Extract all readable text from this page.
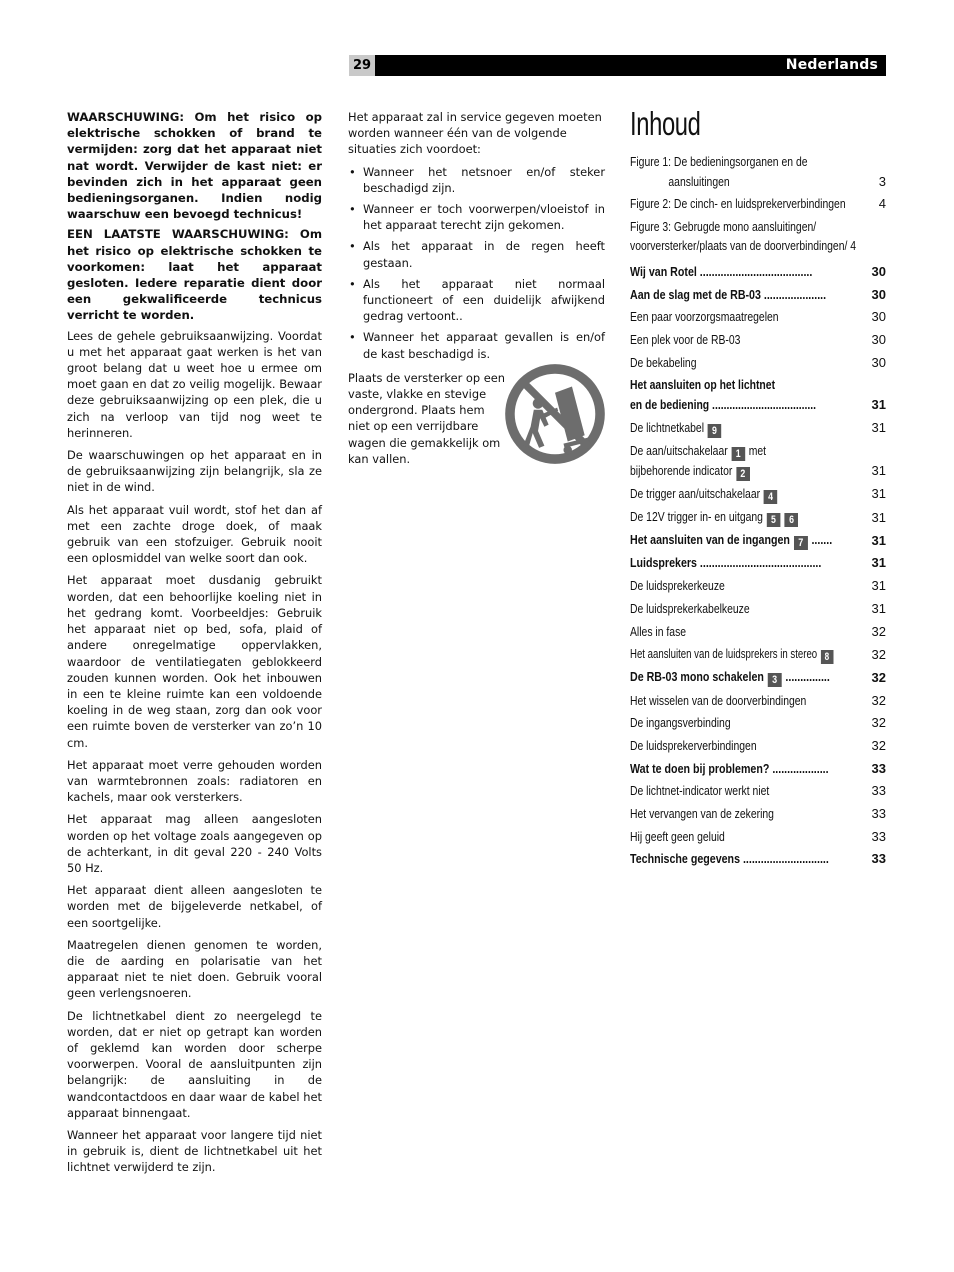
29	Nederlands

WAARSCHUWING: Om het risico op elektrische schokken of brand te vermijden: zorg dat het apparaat niet nat wordt. Verwijder de kast niet: er bevinden zich in het apparaat geen bedieningsorganen. Indien nodig waarschuw een bevoegd technicus!

EEN LAATSTE WAARSCHUWING: Om het risico op elektrische schokken te voorkomen: laat het apparaat gesloten. Iedere reparatie dient door een gekwalificeerde technicus verricht te worden.

Lees de gehele gebruiksaanwijzing. Voordat u met het apparaat gaat werken is het van groot belang dat u weet hoe u ermee om moet gaan en dat zo veilig mogelijk. Bewaar deze gebruiksaanwijzing op een plek, die u zich na verloop van tijd nog weet te herinneren.

De waarschuwingen op het apparaat en in de gebruiksaanwijzing zijn belangrijk, sla ze niet in de wind.

Als het apparaat vuil wordt, stof het dan af met een zachte droge doek, of maak gebruik van een stofzuiger. Gebruik nooit een oplosmiddel van welke soort dan ook.

Het apparaat moet dusdanig gebruikt worden, dat een behoorlijke koeling niet in het gedrang komt. Voorbeeldjes: Gebruik het apparaat niet op bed, sofa, plaid of andere onregelmatige oppervlakken, waardoor de ventilatiegaten geblokkeerd zouden kunnen worden. Ook het inbouwen in een te kleine ruimte kan een voldoende koeling in de weg staan, zorg dan ook voor een ruimte boven de versterker van zo’n 10 cm.

Het apparaat moet verre gehouden worden van warmtebronnen zoals: radiatoren en kachels, maar ook versterkers.

Het apparaat mag alleen aangesloten worden op het voltage zoals aangegeven op de achterkant, in dit geval 220 - 240 Volts 50 Hz.

Het apparaat dient alleen aangesloten te worden met de bijgeleverde netkabel, of een soortgelijke.

Maatregelen dienen genomen te worden, die de aarding en polarisatie van het apparaat niet te niet doen. Gebruik vooral geen verlengsnoeren.

De lichtnetkabel dient zo neergelegd te worden, dat er niet op getrapt kan worden of geklemd kan worden door scherpe voorwerpen. Vooral de aansluitpunten zijn belangrijk: de aansluiting in de wandcontactdoos en daar waar de kabel het apparaat binnengaat.

Wanneer het apparaat voor langere tijd niet in gebruik is, dient de lichtnetkabel uit het lichtnet verwijderd te zijn.

Het apparaat zal in service gegeven moeten worden wanneer één van de volgende situaties zich voordoet:

• Wanneer het netsnoer en/of steker beschadigd zijn.
• Wanneer er toch voorwerpen/vloeistof in het apparaat terecht zijn gekomen.
• Als het apparaat in de regen heeft gestaan.
• Als het apparaat niet normaal functioneert of een duidelijk afwijkend gedrag vertoont..
• Wanneer het apparaat gevallen is en/of de kast beschadigd is.

Plaats de versterker op een vaste, vlakke en stevige ondergrond. Plaats hem niet op een verrijdbare wagen die gemakkelijk om kan vallen.

Inhoud
Figure 1: De bedieningsorganen en de
aansluitingen	3
Figure 2: De cinch- en luidsprekerverbindingen	4
Figure 3: Gebrugde mono aansluitingen/
voorversterker/plaats van de doorverbindingen/ 4
Wij van Rotel ......................................	30
Aan de slag met de RB-03 .....................	30
Een paar voorzorgsmaatregelen	30
Een plek voor de RB-03	30
De bekabeling	30
Het aansluiten op het lichtnet
en de bediening ....................................	31
De lichtnetkabel 9	31
De aan/uitschakelaar 1 met
bijbehorende indicator 2	31
De trigger aan/uitschakelaar 4	31
De 12V trigger in- en uitgang 5 6	31
Het aansluiten van de ingangen 7 .......	31
Luidsprekers .........................................	31
De luidsprekerkeuze	31
De luidsprekerkabelkeuze	31
Alles in fase	32
Het aansluiten van de luidsprekers in stereo 8	32
De RB-03 mono schakelen 3 ...............	32
Het wisselen van de doorverbindingen	32
De ingangsverbinding	32
De luidsprekerverbindingen	32
Wat te doen bij problemen? ...................	33
De lichtnet-indicator werkt niet	33
Het vervangen van de zekering	33
Hij geeft geen geluid	33
Technische gegevens .............................	33
